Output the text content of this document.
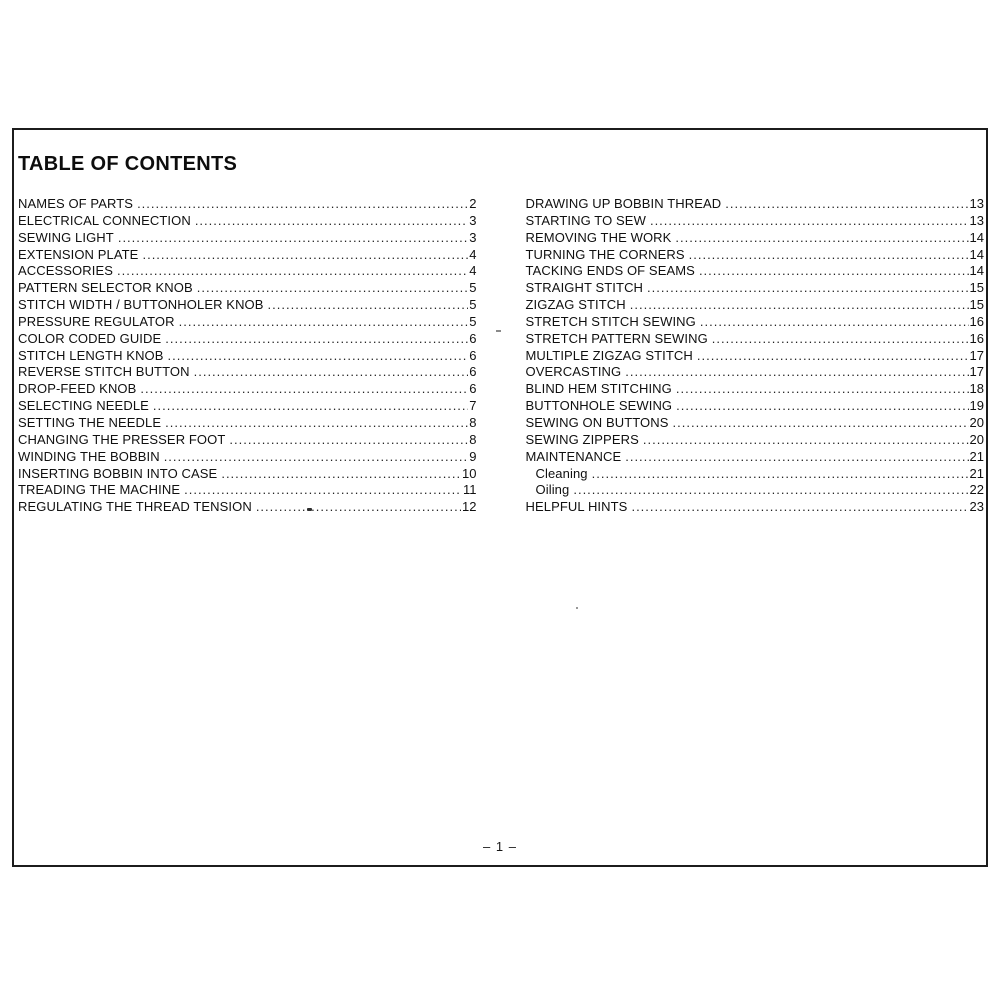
TABLE OF CONTENTS
NAMES OF PARTS .....	2
ELECTRICAL CONNECTION .....	3
SEWING LIGHT .....	3
EXTENSION PLATE .....	4
ACCESSORIES .....	4
PATTERN SELECTOR KNOB .....	5
STITCH WIDTH / BUTTONHOLER KNOB .....	5
PRESSURE REGULATOR .....	5
COLOR CODED GUIDE .....	6
STITCH LENGTH KNOB .....	6
REVERSE STITCH BUTTON .....	6
DROP-FEED KNOB .....	6
SELECTING NEEDLE .....	7
SETTING THE NEEDLE .....	8
CHANGING THE PRESSER FOOT .....	8
WINDING THE BOBBIN .....	9
INSERTING BOBBIN INTO CASE .....	10
TREADING THE MACHINE .....	11
REGULATING THE THREAD TENSION .....	12
DRAWING UP BOBBIN THREAD .....	13
STARTING TO SEW .....	13
REMOVING THE WORK .....	14
TURNING THE CORNERS .....	14
TACKING ENDS OF SEAMS .....	14
STRAIGHT STITCH .....	15
ZIGZAG STITCH .....	15
STRETCH STITCH SEWING .....	16
STRETCH PATTERN SEWING .....	16
MULTIPLE ZIGZAG STITCH .....	17
OVERCASTING .....	17
BLIND HEM STITCHING .....	18
BUTTONHOLE SEWING .....	19
SEWING ON BUTTONS .....	20
SEWING ZIPPERS .....	20
MAINTENANCE .....	21
Cleaning .....	21
Oiling .....	22
HELPFUL HINTS .....	23
– 1 –
